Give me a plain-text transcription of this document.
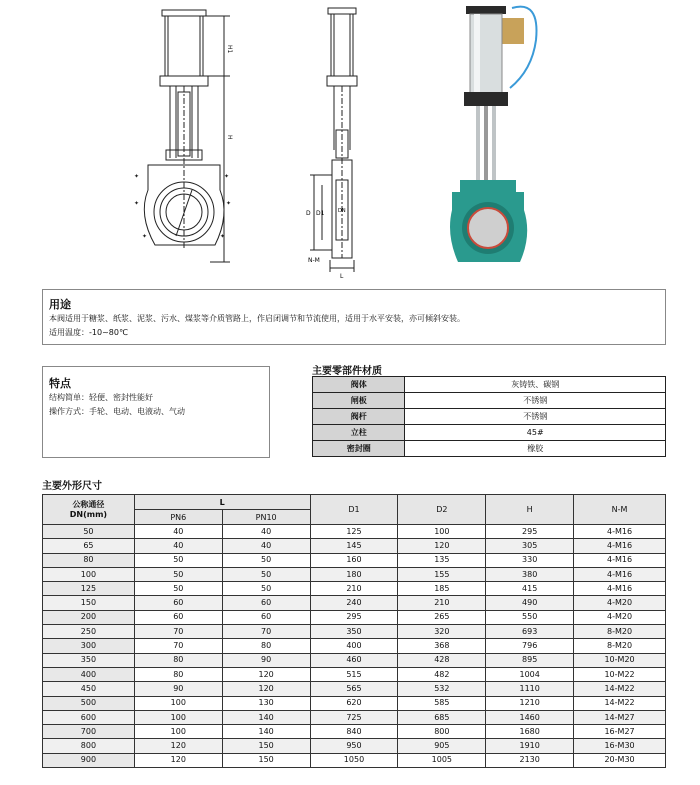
✦	✦
✦	✦
✦	✦
H1
H
D D1	DN
N-M
L
用途
本阀适用于糖浆、纸浆、泥浆、污水、煤浆等介质管路上，作启闭调节和节流使用，适用于水平安装，亦可倾斜安装。
适用温度：-10~80℃
特点
结构简单：轻便、密封性能好
操作方式：手轮、电动、电液动、气动
主要零部件材质
阀体	灰铸铁、碳钢
闸板	不锈钢
阀杆	不锈钢
立柱	45#
密封圈	橡胶
主要外形尺寸
公称通径
DN(mm)	L		D1	D2	H	N-M
	PN6	PN10				
50	40	40	125	100	295	4-M16
65	40	40	145	120	305	4-M16
80	50	50	160	135	330	4-M16
100	50	50	180	155	380	4-M16
125	50	50	210	185	415	4-M16
150	60	60	240	210	490	4-M20
200	60	60	295	265	550	4-M20
250	70	70	350	320	693	8-M20
300	70	80	400	368	796	8-M20
350	80	90	460	428	895	10-M20
400	80	120	515	482	1004	10-M22
450	90	120	565	532	1110	14-M22
500	100	130	620	585	1210	14-M22
600	100	140	725	685	1460	14-M27
700	100	140	840	800	1680	16-M27
800	120	150	950	905	1910	16-M30
900	120	150	1050	1005	2130	20-M30
